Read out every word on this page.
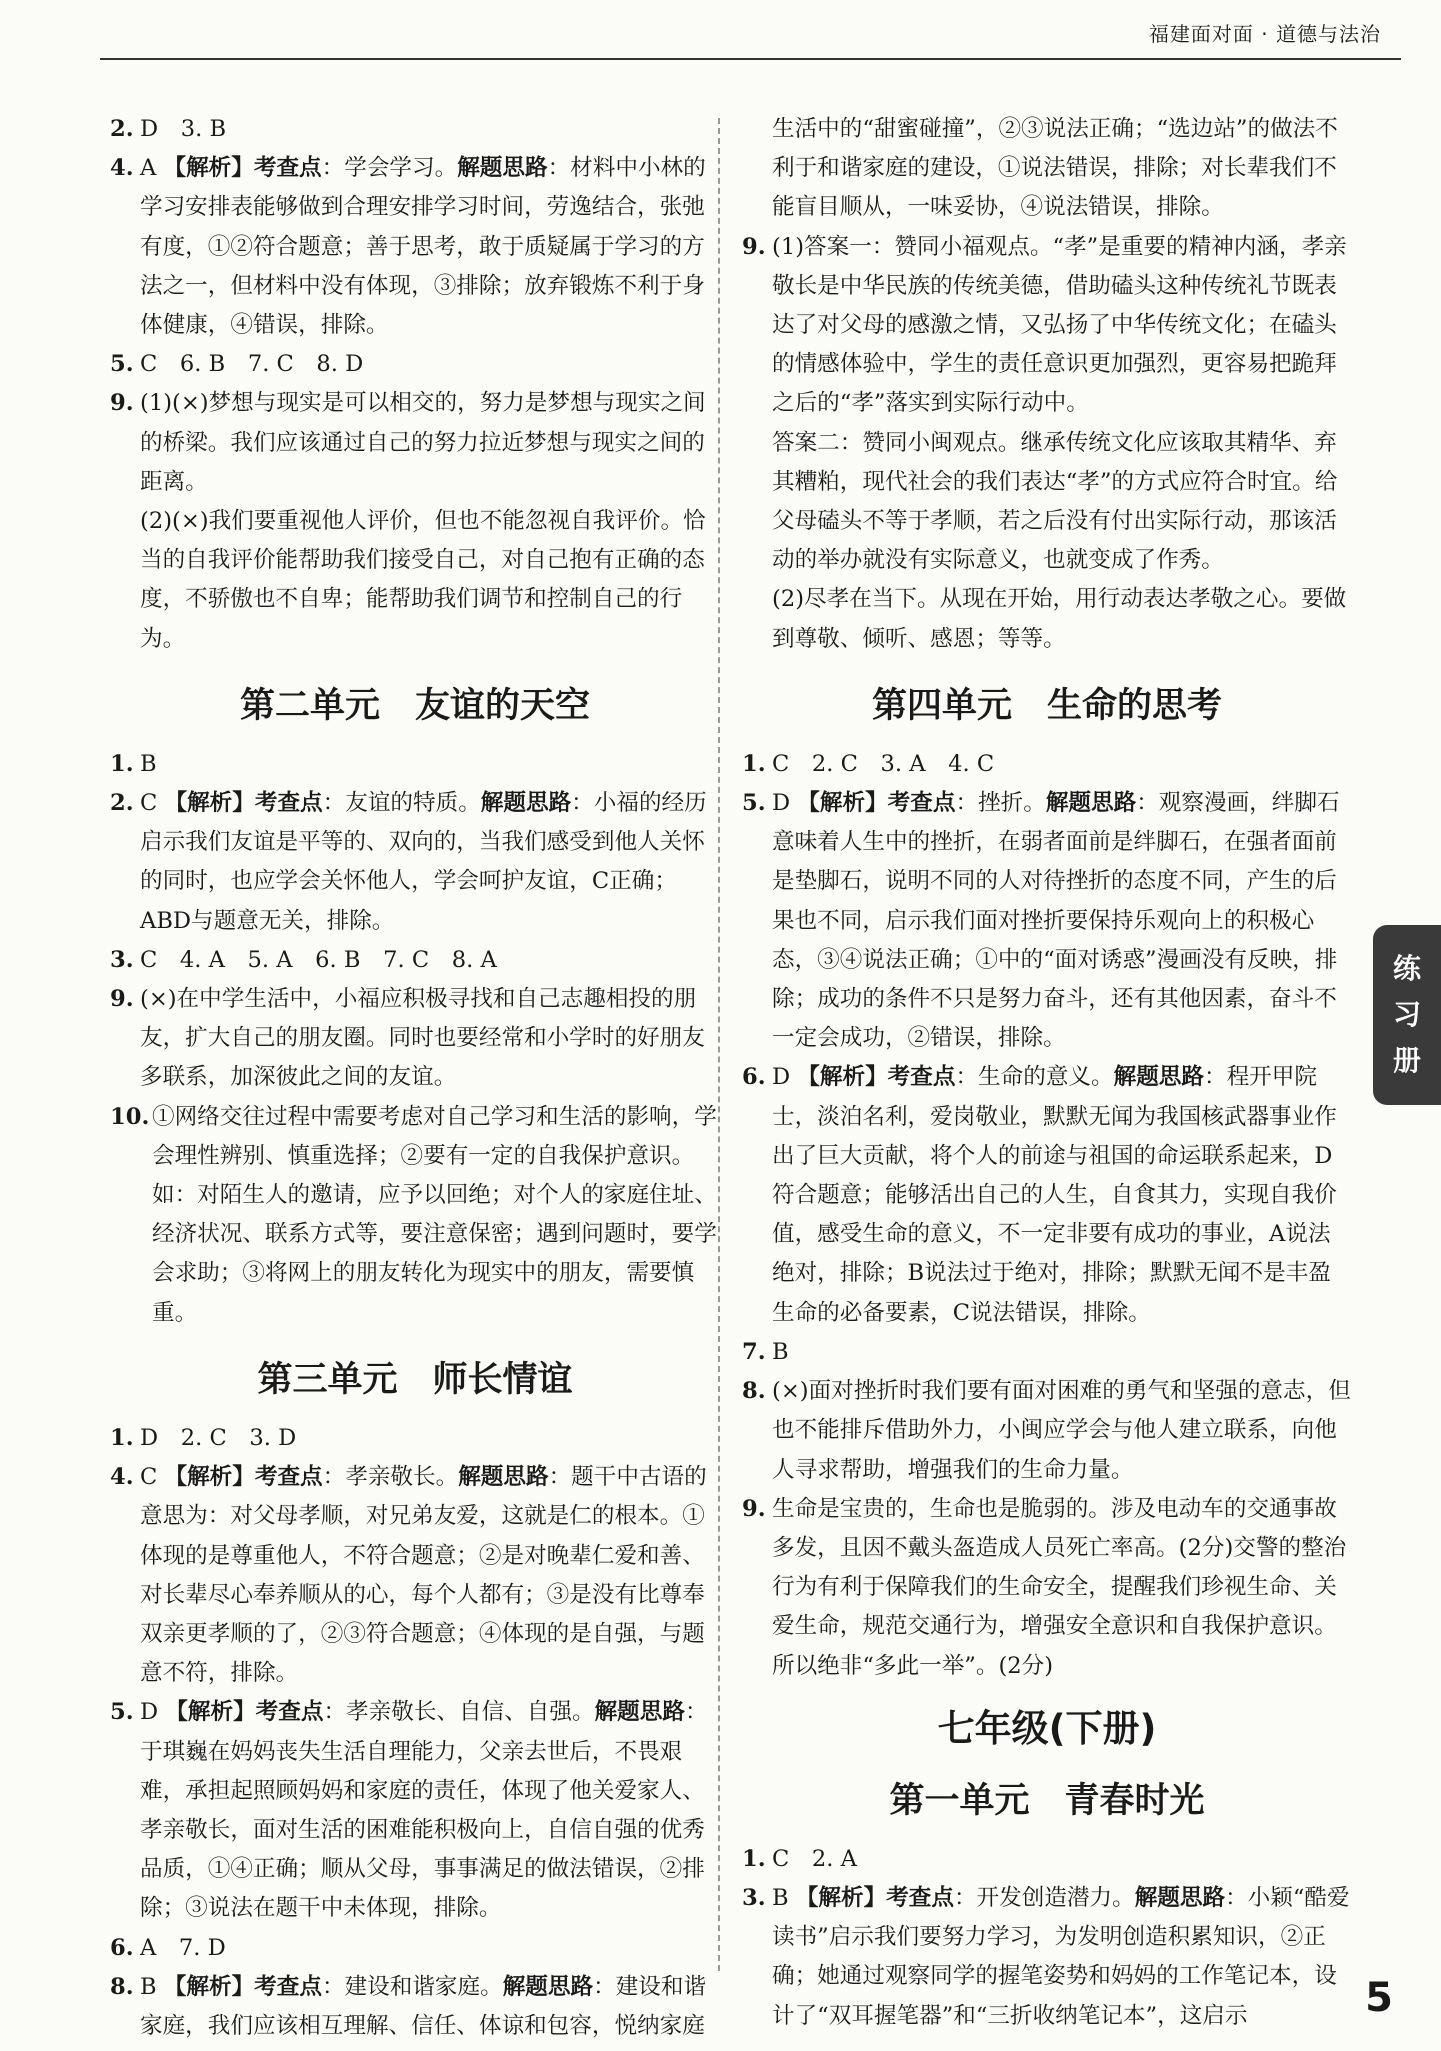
福建面对面 · 道德与法治
2. D　3. B
4. A 【解析】考查点：学会学习。解题思路：材料中小林的学习安排表能够做到合理安排学习时间，劳逸结合，张弛有度，①②符合题意；善于思考，敢于质疑属于学习的方法之一，但材料中没有体现，③排除；放弃锻炼不利于身体健康，④错误，排除。
5. C　6. B　7. C　8. D
9. (1)(×)梦想与现实是可以相交的，努力是梦想与现实之间的桥梁。我们应该通过自己的努力拉近梦想与现实之间的距离。
(2)(×)我们要重视他人评价，但也不能忽视自我评价。恰当的自我评价能帮助我们接受自己，对自己抱有正确的态度，不骄傲也不自卑；能帮助我们调节和控制自己的行为。
第二单元　友谊的天空
1. B
2. C 【解析】考查点：友谊的特质。解题思路：小福的经历启示我们友谊是平等的、双向的，当我们感受到他人关怀的同时，也应学会关怀他人，学会呵护友谊，C正确；ABD与题意无关，排除。
3. C　4. A　5. A　6. B　7. C　8. A
9. (×)在中学生活中，小福应积极寻找和自己志趣相投的朋友，扩大自己的朋友圈。同时也要经常和小学时的好朋友多联系，加深彼此之间的友谊。
10. ①网络交往过程中需要考虑对自己学习和生活的影响，学会理性辨别、慎重选择；②要有一定的自我保护意识。如：对陌生人的邀请，应予以回绝；对个人的家庭住址、经济状况、联系方式等，要注意保密；遇到问题时，要学会求助；③将网上的朋友转化为现实中的朋友，需要慎重。
第三单元　师长情谊
1. D　2. C　3. D
4. C 【解析】考查点：孝亲敬长。解题思路：题干中古语的意思为：对父母孝顺，对兄弟友爱，这就是仁的根本。①体现的是尊重他人，不符合题意；②是对晚辈仁爱和善、对长辈尽心奉养顺从的心，每个人都有；③是没有比尊奉双亲更孝顺的了，②③符合题意；④体现的是自强，与题意不符，排除。
5. D 【解析】考查点：孝亲敬长、自信、自强。解题思路：于琪巍在妈妈丧失生活自理能力，父亲去世后，不畏艰难，承担起照顾妈妈和家庭的责任，体现了他关爱家人、孝亲敬长，面对生活的困难能积极向上，自信自强的优秀品质，①④正确；顺从父母，事事满足的做法错误，②排除；③说法在题干中未体现，排除。
6. A　7. D
8. B 【解析】考查点：建设和谐家庭。解题思路：建设和谐家庭，我们应该相互理解、信任、体谅和包容，悦纳家庭
生活中的“甜蜜碰撞”，②③说法正确；“选边站”的做法不利于和谐家庭的建设，①说法错误，排除；对长辈我们不能盲目顺从，一味妥协，④说法错误，排除。
9. (1)答案一：赞同小福观点。“孝”是重要的精神内涵，孝亲敬长是中华民族的传统美德，借助磕头这种传统礼节既表达了对父母的感激之情，又弘扬了中华传统文化；在磕头的情感体验中，学生的责任意识更加强烈，更容易把跪拜之后的“孝”落实到实际行动中。
答案二：赞同小闽观点。继承传统文化应该取其精华、弃其糟粕，现代社会的我们表达“孝”的方式应符合时宜。给父母磕头不等于孝顺，若之后没有付出实际行动，那该活动的举办就没有实际意义，也就变成了作秀。
(2)尽孝在当下。从现在开始，用行动表达孝敬之心。要做到尊敬、倾听、感恩；等等。
第四单元　生命的思考
1. C　2. C　3. A　4. C
5. D 【解析】考查点：挫折。解题思路：观察漫画，绊脚石意味着人生中的挫折，在弱者面前是绊脚石，在强者面前是垫脚石，说明不同的人对待挫折的态度不同，产生的后果也不同，启示我们面对挫折要保持乐观向上的积极心态，③④说法正确；①中的“面对诱惑”漫画没有反映，排除；成功的条件不只是努力奋斗，还有其他因素，奋斗不一定会成功，②错误，排除。
6. D 【解析】考查点：生命的意义。解题思路：程开甲院士，淡泊名利，爱岗敬业，默默无闻为我国核武器事业作出了巨大贡献，将个人的前途与祖国的命运联系起来，D符合题意；能够活出自己的人生，自食其力，实现自我价值，感受生命的意义，不一定非要有成功的事业，A说法绝对，排除；B说法过于绝对，排除；默默无闻不是丰盈生命的必备要素，C说法错误，排除。
7. B
8. (×)面对挫折时我们要有面对困难的勇气和坚强的意志，但也不能排斥借助外力，小闽应学会与他人建立联系，向他人寻求帮助，增强我们的生命力量。
9. 生命是宝贵的，生命也是脆弱的。涉及电动车的交通事故多发，且因不戴头盔造成人员死亡率高。(2分)交警的整治行为有利于保障我们的生命安全，提醒我们珍视生命、关爱生命，规范交通行为，增强安全意识和自我保护意识。所以绝非“多此一举”。(2分)
七年级(下册)
第一单元　青春时光
1. C　2. A
3. B 【解析】考查点：开发创造潜力。解题思路：小颖“酷爱读书”启示我们要努力学习，为发明创造积累知识，②正确；她通过观察同学的握笔姿势和妈妈的工作笔记本，设计了“双耳握笔器”和“三折收纳笔记本”，这启示
练
习
册
5
